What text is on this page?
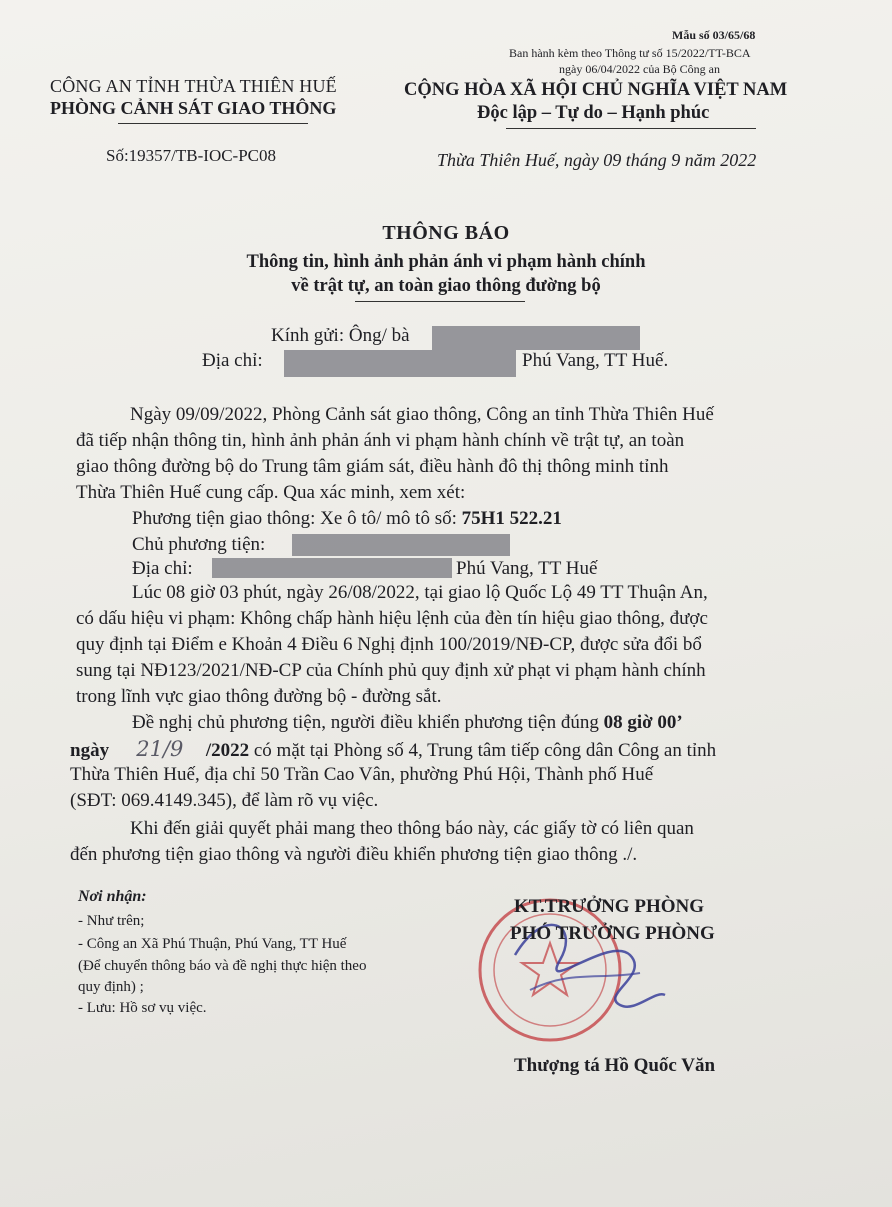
Mẫu số 03/65/68
Ban hành kèm theo Thông tư số 15/2022/TT-BCA
ngày 06/04/2022 của Bộ Công an
CÔNG AN TỈNH THỪA THIÊN HUẾ
PHÒNG CẢNH SÁT GIAO THÔNG
CỘNG HÒA XÃ HỘI CHỦ NGHĨA VIỆT NAM
Độc lập – Tự do – Hạnh phúc
Số:19357/TB-IOC-PC08	Thừa Thiên Huế, ngày 09 tháng 9 năm 2022
THÔNG BÁO
Thông tin, hình ảnh phản ánh vi phạm hành chính
về trật tự, an toàn giao thông đường bộ
Kính gửi: Ông/ bà
Địa chỉ:	Phú Vang, TT Huế.
Ngày 09/09/2022, Phòng Cảnh sát giao thông, Công an tỉnh Thừa Thiên Huế
đã tiếp nhận thông tin, hình ảnh phản ánh vi phạm hành chính về trật tự, an toàn
giao thông đường bộ do Trung tâm giám sát, điều hành đô thị thông minh tỉnh
Thừa Thiên Huế cung cấp. Qua xác minh, xem xét:
Phương tiện giao thông: Xe ô tô/ mô tô số: 75H1 522.21
Chủ phương tiện:
Địa chỉ:	Phú Vang, TT Huế
Lúc 08 giờ 03 phút, ngày 26/08/2022, tại giao lộ Quốc Lộ 49 TT Thuận An,
có dấu hiệu vi phạm: Không chấp hành hiệu lệnh của đèn tín hiệu giao thông, được
quy định tại Điểm e Khoản 4 Điều 6 Nghị định 100/2019/NĐ-CP, được sửa đổi bổ
sung tại NĐ123/2021/NĐ-CP của Chính phủ quy định xử phạt vi phạm hành chính
trong lĩnh vực giao thông đường bộ - đường sắt.
Đề nghị chủ phương tiện, người điều khiển phương tiện đúng 08 giờ 00’
ngày 21/9 /2022 có mặt tại Phòng số 4, Trung tâm tiếp công dân Công an tỉnh
Thừa Thiên Huế, địa chỉ 50 Trần Cao Vân, phường Phú Hội, Thành phố Huế
(SĐT: 069.4149.345), để làm rõ vụ việc.
Khi đến giải quyết phải mang theo thông báo này, các giấy tờ có liên quan
đến phương tiện giao thông và người điều khiển phương tiện giao thông ./.
Nơi nhận:
- Như trên;
- Công an Xã Phú Thuận, Phú Vang, TT Huế
(Để chuyển thông báo và đề nghị thực hiện theo
quy định) ;
- Lưu: Hồ sơ vụ việc.
KT.TRƯỞNG PHÒNG
PHÓ TRƯỞNG PHÒNG
Thượng tá Hồ Quốc Văn
